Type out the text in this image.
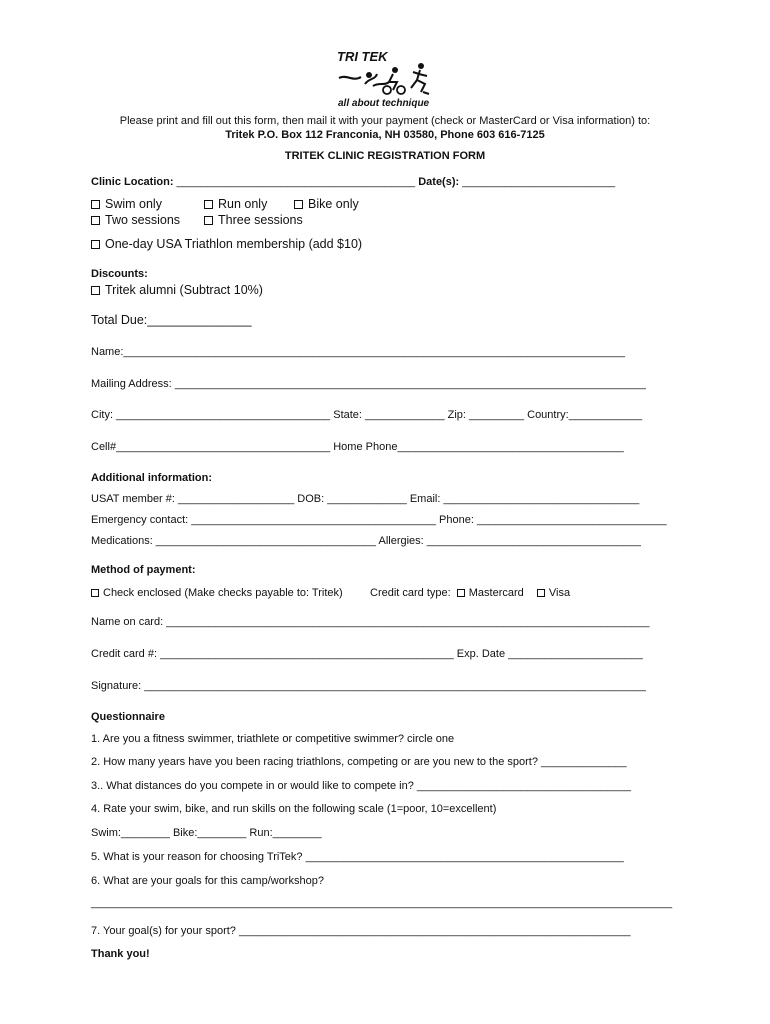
TRI TEK
all about technique
Please print and fill out this form, then mail it with your payment (check or MasterCard or Visa information) to:
Tritek P.O. Box 112 Franconia, NH 03580, Phone 603 616-7125
TRITEK CLINIC REGISTRATION FORM
Clinic Location: _______________________________________ Date(s): _________________________
Swim only	Run only	Bike only
Two sessions	Three sessions
One-day USA Triathlon membership (add $10)
Discounts:
Tritek alumni (Subtract 10%)
Total Due:_______________
Name:__________________________________________________________________________________
Mailing Address: _____________________________________________________________________________
City: ___________________________________ State: _____________ Zip: _________ Country:____________
Cell#___________________________________ Home Phone_____________________________________
Additional information:
USAT member #: ___________________ DOB: _____________ Email: ________________________________
Emergency contact: ________________________________________ Phone: _______________________________
Medications: ____________________________________ Allergies: ___________________________________
Method of payment:
Check enclosed (Make checks payable to: Tritek) Credit card type: Mastercard Visa
Name on card: _______________________________________________________________________________
Credit card #: ________________________________________________ Exp. Date ______________________
Signature: __________________________________________________________________________________
Questionnaire
1. Are you a fitness swimmer, triathlete or competitive swimmer? circle one
2. How many years have you been racing triathlons, competing or are you new to the sport? ______________
3.. What distances do you compete in or would like to compete in? ___________________________________
4. Rate your swim, bike, and run skills on the following scale (1=poor, 10=excellent)
Swim:________ Bike:________ Run:________
5. What is your reason for choosing TriTek? ____________________________________________________
6. What are your goals for this camp/workshop?
_______________________________________________________________________________________________
7. Your goal(s) for your sport? ________________________________________________________________
Thank you!
